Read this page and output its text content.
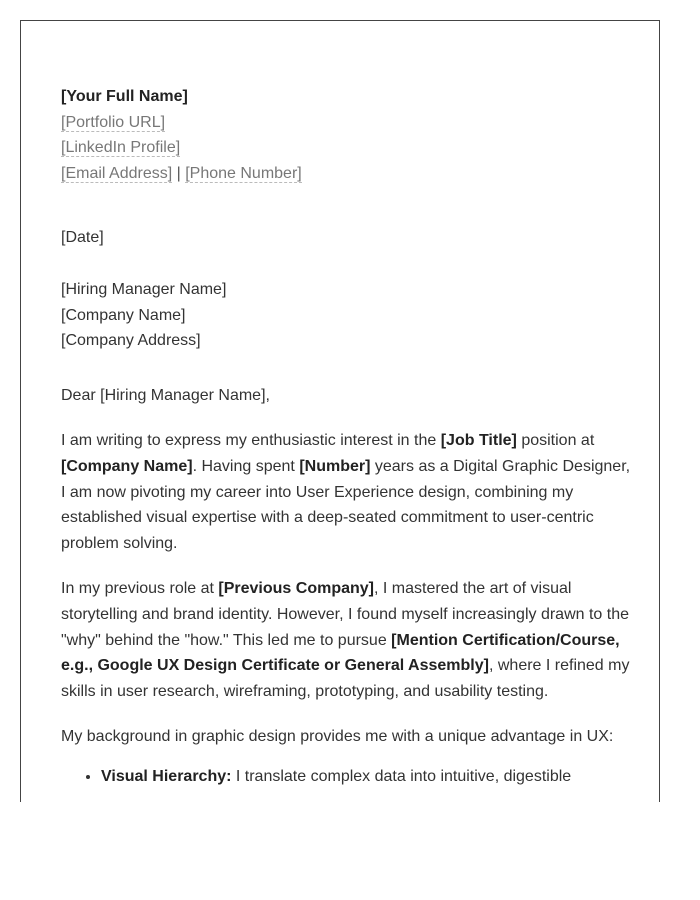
[Your Full Name]
[Portfolio URL]
[LinkedIn Profile]
[Email Address] | [Phone Number]
[Date]
[Hiring Manager Name]
[Company Name]
[Company Address]

Dear [Hiring Manager Name],

I am writing to express my enthusiastic interest in the [Job Title] position at [Company Name]. Having spent [Number] years as a Digital Graphic Designer, I am now pivoting my career into User Experience design, combining my established visual expertise with a deep-seated commitment to user-centric problem solving.

In my previous role at [Previous Company], I mastered the art of visual storytelling and brand identity. However, I found myself increasingly drawn to the "why" behind the "how." This led me to pursue [Mention Certification/Course, e.g., Google UX Design Certificate or General Assembly], where I refined my skills in user research, wireframing, prototyping, and usability testing.

My background in graphic design provides me with a unique advantage in UX:

• Visual Hierarchy: I translate complex data into intuitive, digestible
